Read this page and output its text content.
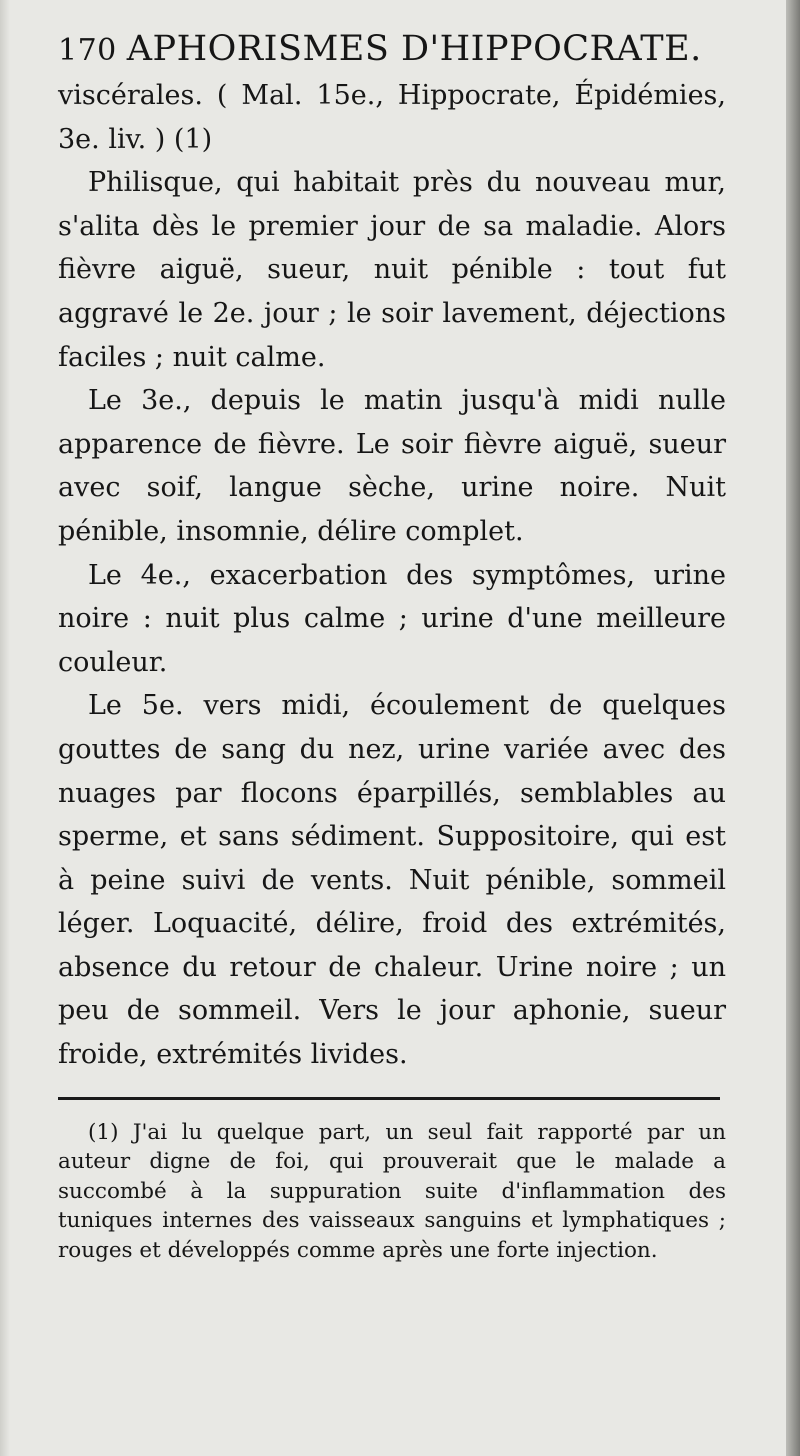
170 APHORISMES D'HIPPOCRATE.

viscérales. ( Mal. 15e., Hippocrate, Épidémies, 3e. liv. ) (1)

Philisque, qui habitait près du nouveau mur, s'alita dès le premier jour de sa maladie. Alors fièvre aiguë, sueur, nuit pénible : tout fut aggravé le 2e. jour ; le soir lavement, déjections faciles ; nuit calme.

Le 3e., depuis le matin jusqu'à midi nulle apparence de fièvre. Le soir fièvre aiguë, sueur avec soif, langue sèche, urine noire. Nuit pénible, insomnie, délire complet.

Le 4e., exacerbation des symptômes, urine noire : nuit plus calme ; urine d'une meilleure couleur.

Le 5e. vers midi, écoulement de quelques gouttes de sang du nez, urine variée avec des nuages par flocons éparpillés, semblables au sperme, et sans sédiment. Suppositoire, qui est à peine suivi de vents. Nuit pénible, sommeil léger. Loquacité, délire, froid des extrémités, absence du retour de chaleur. Urine noire ; un peu de sommeil. Vers le jour aphonie, sueur froide, extrémités livides.

(1) J'ai lu quelque part, un seul fait rapporté par un auteur digne de foi, qui prouverait que le malade a succombé à la suppuration suite d'inflammation des tuniques internes des vaisseaux sanguins et lymphatiques ; rouges et développés comme après une forte injection.
